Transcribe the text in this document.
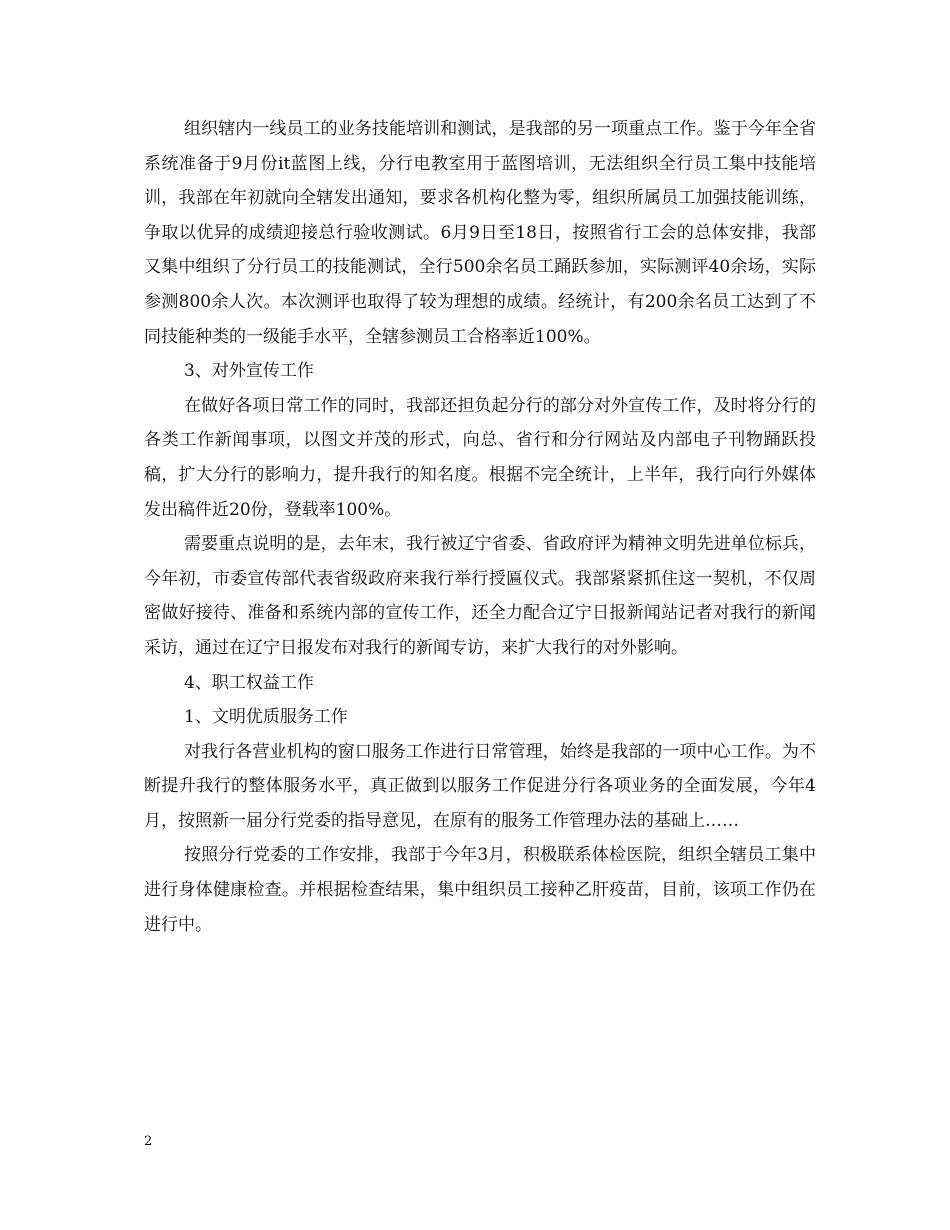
组织辖内一线员工的业务技能培训和测试，是我部的另一项重点工作。鉴于今年全省系统准备于9月份it蓝图上线，分行电教室用于蓝图培训，无法组织全行员工集中技能培训，我部在年初就向全辖发出通知，要求各机构化整为零，组织所属员工加强技能训练，争取以优异的成绩迎接总行验收测试。6月9日至18日，按照省行工会的总体安排，我部又集中组织了分行员工的技能测试，全行500余名员工踊跃参加，实际测评40余场，实际参测800余人次。本次测评也取得了较为理想的成绩。经统计，有200余名员工达到了不同技能种类的一级能手水平，全辖参测员工合格率近100%。

3、对外宣传工作

在做好各项日常工作的同时，我部还担负起分行的部分对外宣传工作，及时将分行的各类工作新闻事项，以图文并茂的形式，向总、省行和分行网站及内部电子刊物踊跃投稿，扩大分行的影响力，提升我行的知名度。根据不完全统计，上半年，我行向行外媒体发出稿件近20份，登载率100%。

需要重点说明的是，去年末，我行被辽宁省委、省政府评为精神文明先进单位标兵，今年初，市委宣传部代表省级政府来我行举行授匾仪式。我部紧紧抓住这一契机，不仅周密做好接待、准备和系统内部的宣传工作，还全力配合辽宁日报新闻站记者对我行的新闻采访，通过在辽宁日报发布对我行的新闻专访，来扩大我行的对外影响。

4、职工权益工作

1、文明优质服务工作

对我行各营业机构的窗口服务工作进行日常管理，始终是我部的一项中心工作。为不断提升我行的整体服务水平，真正做到以服务工作促进分行各项业务的全面发展，今年4月，按照新一届分行党委的指导意见，在原有的服务工作管理办法的基础上……

按照分行党委的工作安排，我部于今年3月，积极联系体检医院，组织全辖员工集中进行身体健康检查。并根据检查结果，集中组织员工接种乙肝疫苗，目前，该项工作仍在进行中。

2
